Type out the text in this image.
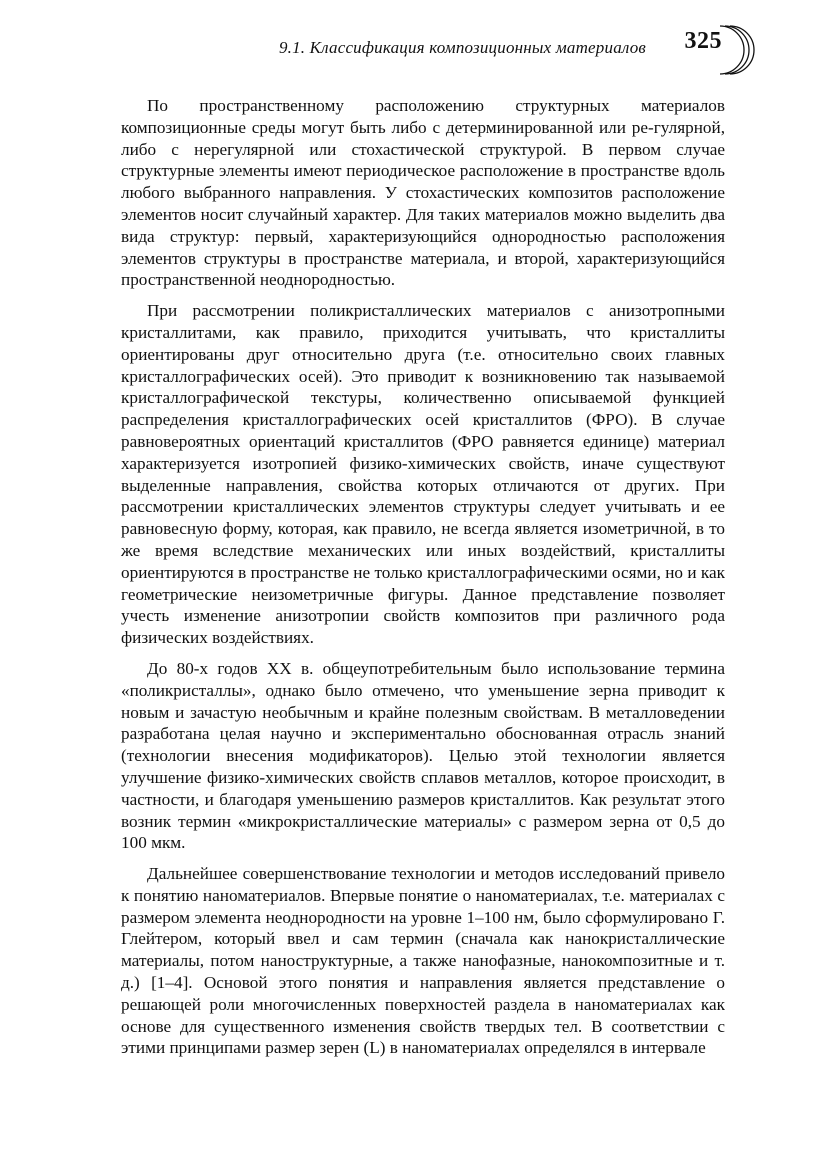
9.1. Классификация композиционных материалов 325

По пространственному расположению структурных материалов композиционные среды могут быть либо с детерминированной или ре-гулярной, либо с нерегулярной или стохастической структурой. В первом случае структурные элементы имеют периодическое расположение в пространстве вдоль любого выбранного направления. У стохастических композитов расположение элементов носит случайный характер. Для таких материалов можно выделить два вида структур: первый, характеризующийся однородностью расположения элементов структуры в пространстве материала, и второй, характеризующийся пространственной неоднородностью.

При рассмотрении поликристаллических материалов с анизотропными кристаллитами, как правило, приходится учитывать, что кристаллиты ориентированы друг относительно друга (т.е. относительно своих главных кристаллографических осей). Это приводит к возникновению так называемой кристаллографической текстуры, количественно описываемой функцией распределения кристаллографических осей кристаллитов (ФРО). В случае равновероятных ориентаций кристаллитов (ФРО равняется единице) материал характеризуется изотропией физико-химических свойств, иначе существуют выделенные направления, свойства которых отличаются от других. При рассмотрении кристаллических элементов структуры следует учитывать и ее равновесную форму, которая, как правило, не всегда является изометричной, в то же время вследствие механических или иных воздействий, кристаллиты ориентируются в пространстве не только кристаллографическими осями, но и как геометрические неизометричные фигуры. Данное представление позволяет учесть изменение анизотропии свойств композитов при различного рода физических воздействиях.

До 80-х годов XX в. общеупотребительным было использование термина «поликристаллы», однако было отмечено, что уменьшение зерна приводит к новым и зачастую необычным и крайне полезным свойствам. В металловедении разработана целая научно и экспериментально обоснованная отрасль знаний (технологии внесения модификаторов). Целью этой технологии является улучшение физико-химических свойств сплавов металлов, которое происходит, в частности, и благодаря уменьшению размеров кристаллитов. Как результат этого возник термин «микрокристаллические материалы» с размером зерна от 0,5 до 100 мкм.

Дальнейшее совершенствование технологии и методов исследований привело к понятию наноматериалов. Впервые понятие о наноматериалах, т.е. материалах с размером элемента неоднородности на уровне 1–100 нм, было сформулировано Г. Глейтером, который ввел и сам термин (сначала как нанокристаллические материалы, потом наноструктурные, а также нанофазные, нанокомпозитные и т. д.) [1–4]. Основой этого понятия и направления является представление о решающей роли многочисленных поверхностей раздела в наноматериалах как основе для существенного изменения свойств твердых тел. В соответствии с этими принципами размер зерен (L) в наноматериалах определялся в интервале
